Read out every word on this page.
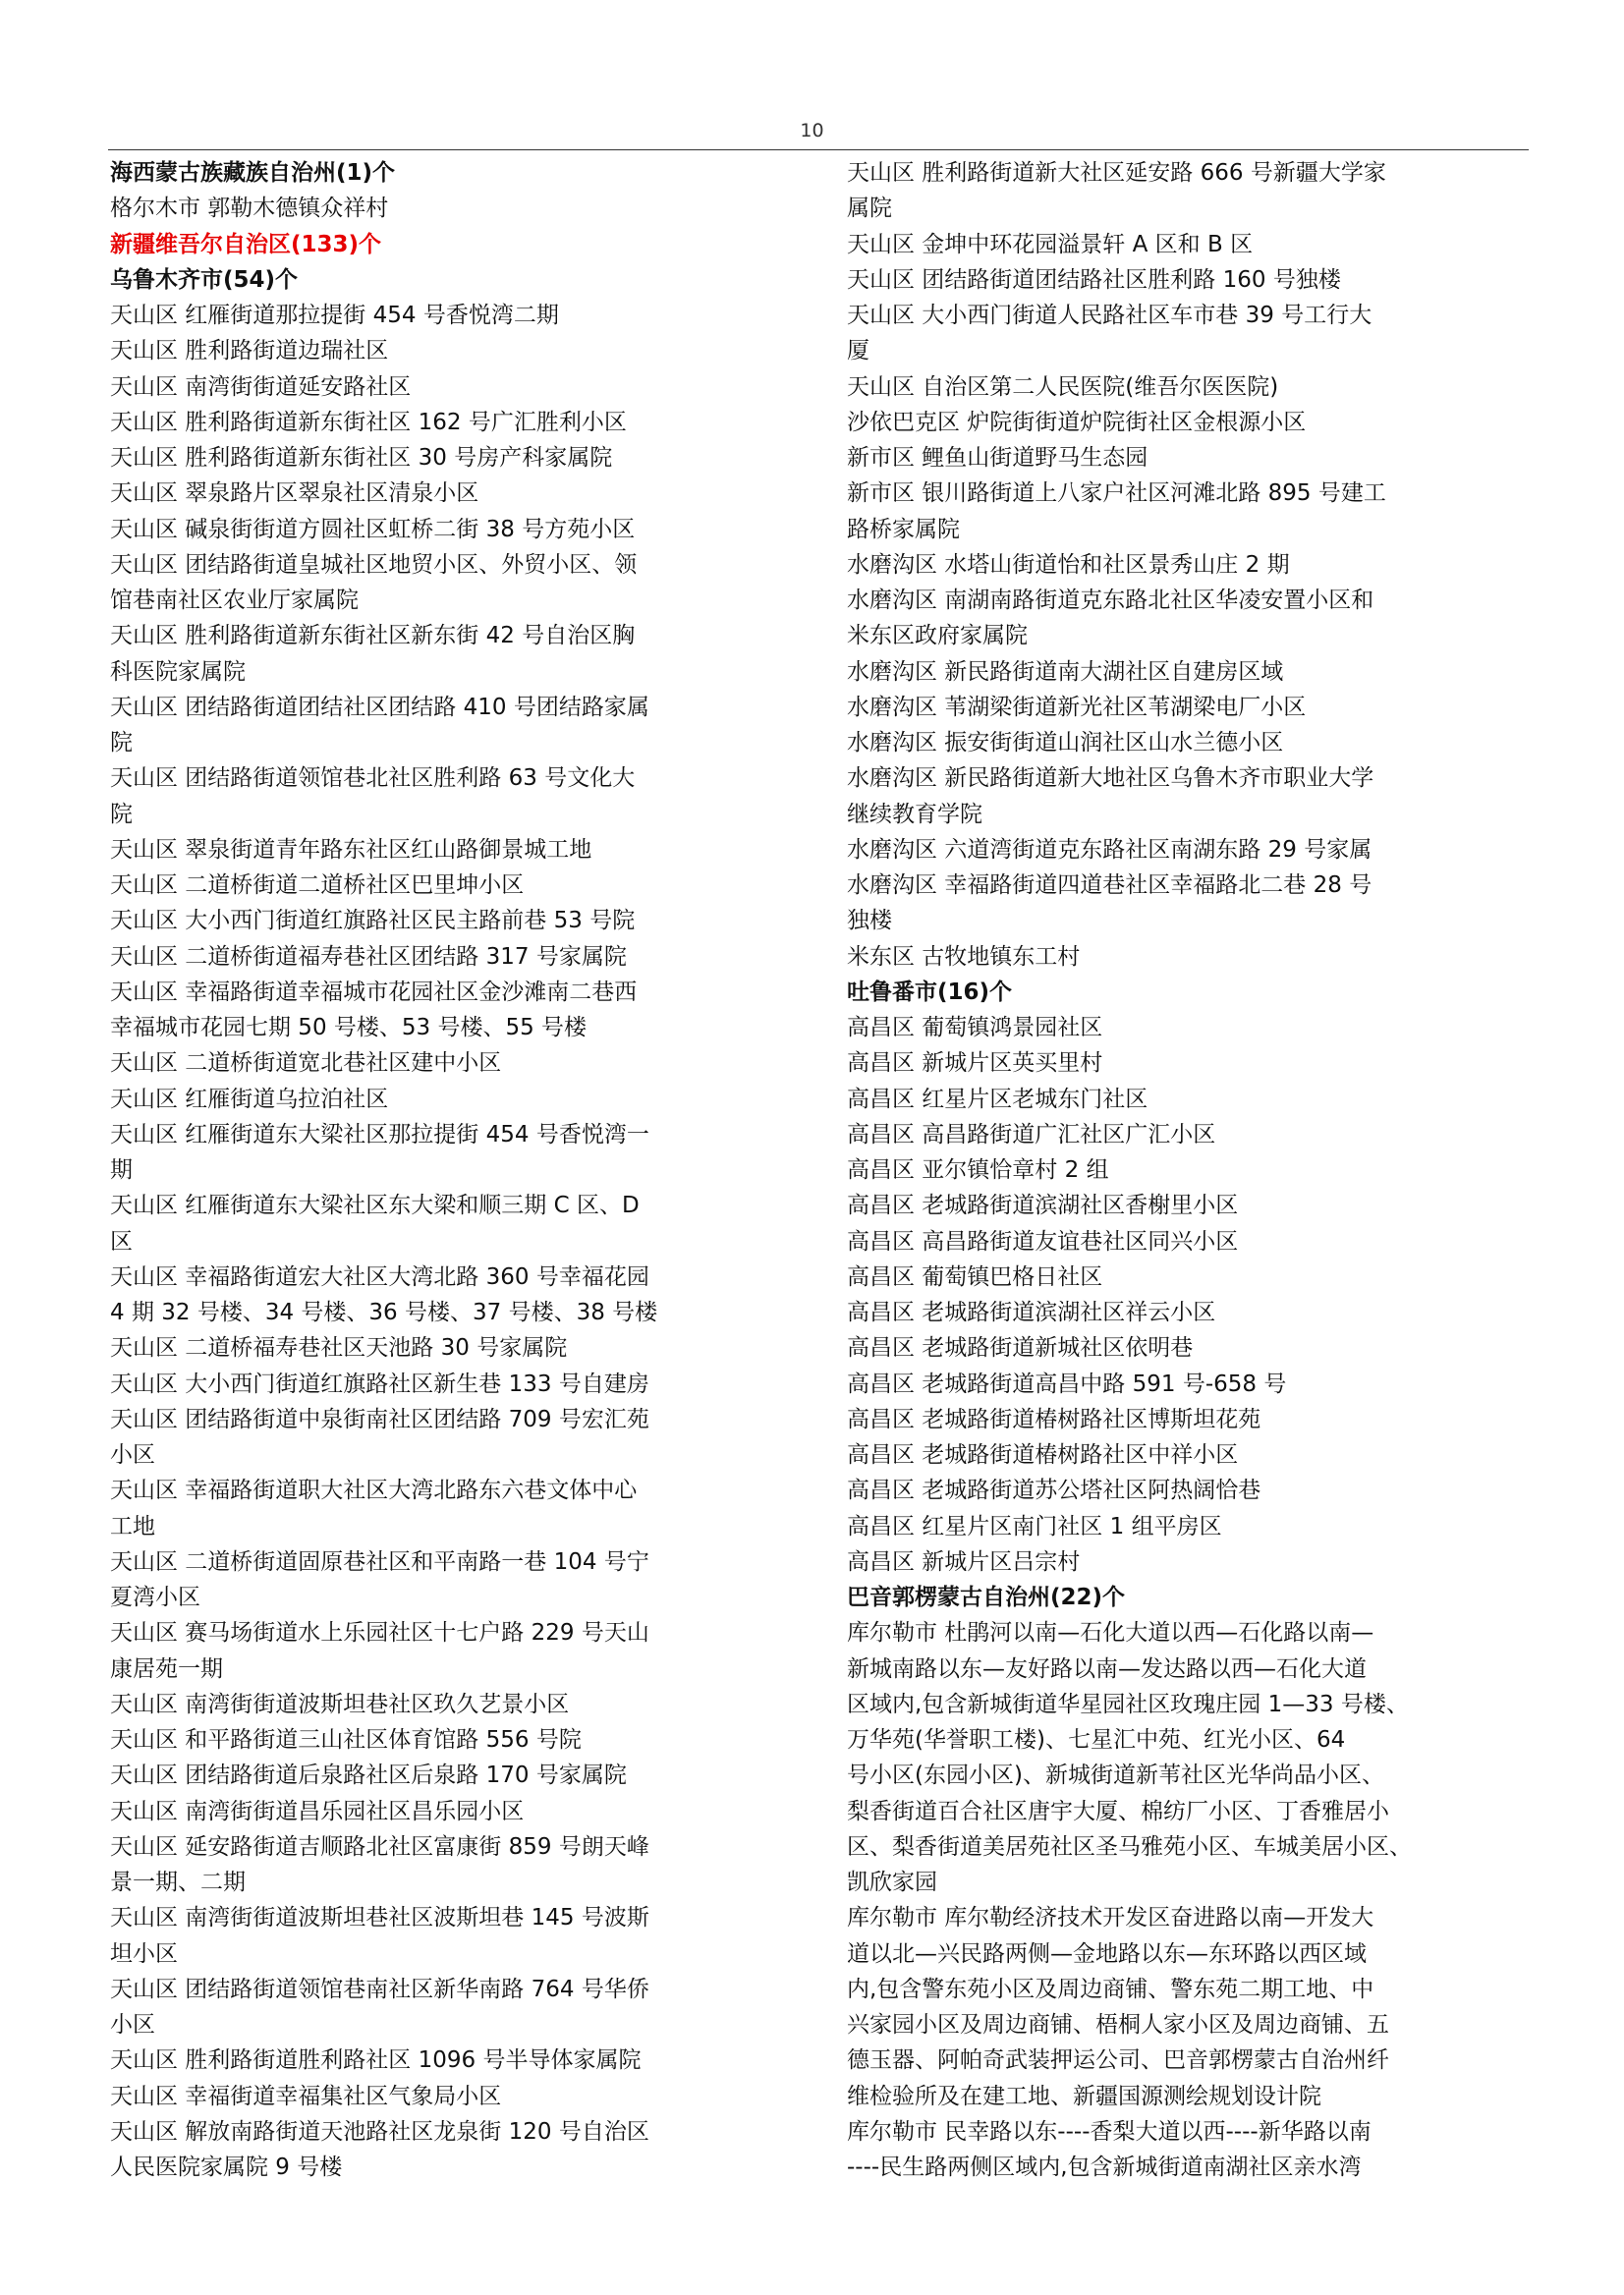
10
海西蒙古族藏族自治州(1)个
格尔木市 郭勒木德镇众祥村
新疆维吾尔自治区(133)个
乌鲁木齐市(54)个
天山区 红雁街道那拉提街 454 号香悦湾二期
天山区 胜利路街道边瑞社区
天山区 南湾街街道延安路社区
天山区 胜利路街道新东街社区 162 号广汇胜利小区
天山区 胜利路街道新东街社区 30 号房产科家属院
天山区 翠泉路片区翠泉社区清泉小区
天山区 碱泉街街道方圆社区虹桥二街 38 号方苑小区
天山区 团结路街道皇城社区地贸小区、外贸小区、领
馆巷南社区农业厅家属院
天山区 胜利路街道新东街社区新东街 42 号自治区胸
科医院家属院
天山区 团结路街道团结社区团结路 410 号团结路家属
院
天山区 团结路街道领馆巷北社区胜利路 63 号文化大
院
天山区 翠泉街道青年路东社区红山路御景城工地
天山区 二道桥街道二道桥社区巴里坤小区
天山区 大小西门街道红旗路社区民主路前巷 53 号院
天山区 二道桥街道福寿巷社区团结路 317 号家属院
天山区 幸福路街道幸福城市花园社区金沙滩南二巷西
幸福城市花园七期 50 号楼、53 号楼、55 号楼
天山区 二道桥街道宽北巷社区建中小区
天山区 红雁街道乌拉泊社区
天山区 红雁街道东大梁社区那拉提街 454 号香悦湾一
期
天山区 红雁街道东大梁社区东大梁和顺三期 C 区、D
区
天山区 幸福路街道宏大社区大湾北路 360 号幸福花园
4 期 32 号楼、34 号楼、36 号楼、37 号楼、38 号楼
天山区 二道桥福寿巷社区天池路 30 号家属院
天山区 大小西门街道红旗路社区新生巷 133 号自建房
天山区 团结路街道中泉街南社区团结路 709 号宏汇苑
小区
天山区 幸福路街道职大社区大湾北路东六巷文体中心
工地
天山区 二道桥街道固原巷社区和平南路一巷 104 号宁
夏湾小区
天山区 赛马场街道水上乐园社区十七户路 229 号天山
康居苑一期
天山区 南湾街街道波斯坦巷社区玖久艺景小区
天山区 和平路街道三山社区体育馆路 556 号院
天山区 团结路街道后泉路社区后泉路 170 号家属院
天山区 南湾街街道昌乐园社区昌乐园小区
天山区 延安路街道吉顺路北社区富康街 859 号朗天峰
景一期、二期
天山区 南湾街街道波斯坦巷社区波斯坦巷 145 号波斯
坦小区
天山区 团结路街道领馆巷南社区新华南路 764 号华侨
小区
天山区 胜利路街道胜利路社区 1096 号半导体家属院
天山区 幸福街道幸福集社区气象局小区
天山区 解放南路街道天池路社区龙泉街 120 号自治区
人民医院家属院 9 号楼
天山区 胜利路街道新大社区延安路 666 号新疆大学家
属院
天山区 金坤中环花园溢景轩 A 区和 B 区
天山区 团结路街道团结路社区胜利路 160 号独楼
天山区 大小西门街道人民路社区车市巷 39 号工行大
厦
天山区 自治区第二人民医院(维吾尔医医院)
沙依巴克区 炉院街街道炉院街社区金根源小区
新市区 鲤鱼山街道野马生态园
新市区 银川路街道上八家户社区河滩北路 895 号建工
路桥家属院
水磨沟区 水塔山街道怡和社区景秀山庄 2 期
水磨沟区 南湖南路街道克东路北社区华凌安置小区和
米东区政府家属院
水磨沟区 新民路街道南大湖社区自建房区域
水磨沟区 苇湖梁街道新光社区苇湖梁电厂小区
水磨沟区 振安街街道山润社区山水兰德小区
水磨沟区 新民路街道新大地社区乌鲁木齐市职业大学
继续教育学院
水磨沟区 六道湾街道克东路社区南湖东路 29 号家属
水磨沟区 幸福路街道四道巷社区幸福路北二巷 28 号
独楼
米东区 古牧地镇东工村
吐鲁番市(16)个
高昌区 葡萄镇鸿景园社区
高昌区 新城片区英买里村
高昌区 红星片区老城东门社区
高昌区 高昌路街道广汇社区广汇小区
高昌区 亚尔镇恰章村 2 组
高昌区 老城路街道滨湖社区香榭里小区
高昌区 高昌路街道友谊巷社区同兴小区
高昌区 葡萄镇巴格日社区
高昌区 老城路街道滨湖社区祥云小区
高昌区 老城路街道新城社区依明巷
高昌区 老城路街道高昌中路 591 号-658 号
高昌区 老城路街道椿树路社区博斯坦花苑
高昌区 老城路街道椿树路社区中祥小区
高昌区 老城路街道苏公塔社区阿热阔恰巷
高昌区 红星片区南门社区 1 组平房区
高昌区 新城片区吕宗村
巴音郭楞蒙古自治州(22)个
库尔勒市 杜鹃河以南—石化大道以西—石化路以南—
新城南路以东—友好路以南—发达路以西—石化大道
区域内,包含新城街道华星园社区玫瑰庄园 1—33 号楼、
万华苑(华誉职工楼)、七星汇中苑、红光小区、64
号小区(东园小区)、新城街道新苇社区光华尚品小区、
梨香街道百合社区唐宇大厦、棉纺厂小区、丁香雅居小
区、梨香街道美居苑社区圣马雅苑小区、车城美居小区、
凯欣家园
库尔勒市 库尔勒经济技术开发区奋进路以南—开发大
道以北—兴民路两侧—金地路以东—东环路以西区域
内,包含警东苑小区及周边商铺、警东苑二期工地、中
兴家园小区及周边商铺、梧桐人家小区及周边商铺、五
德玉器、阿帕奇武装押运公司、巴音郭楞蒙古自治州纤
维检验所及在建工地、新疆国源测绘规划设计院
库尔勒市 民幸路以东----香梨大道以西----新华路以南
----民生路两侧区域内,包含新城街道南湖社区亲水湾
